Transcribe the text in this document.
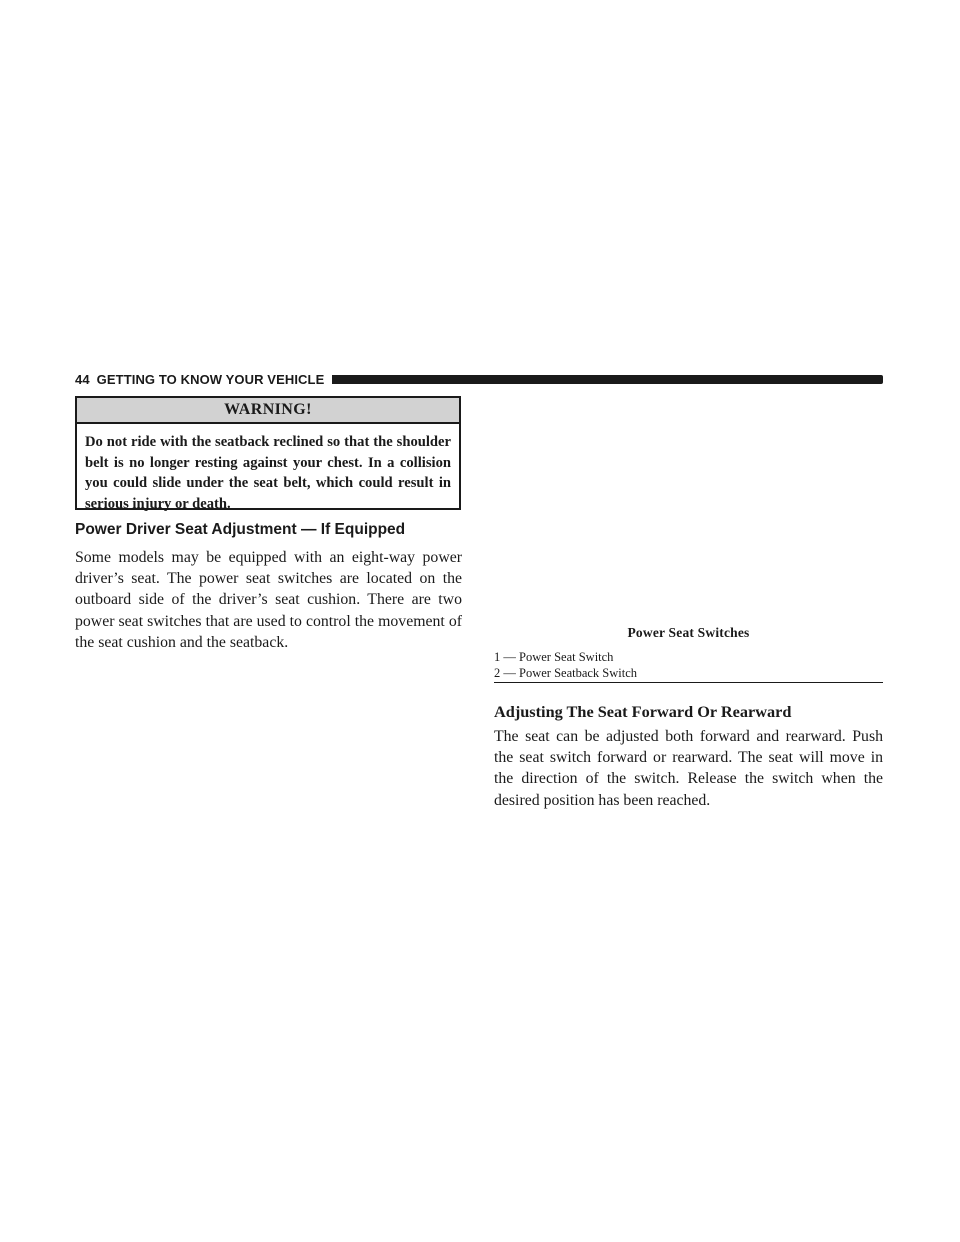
44 GETTING TO KNOW YOUR VEHICLE
WARNING!
Do not ride with the seatback reclined so that the shoulder belt is no longer resting against your chest. In a collision you could slide under the seat belt, which could result in serious injury or death.
Power Driver Seat Adjustment — If Equipped

Some models may be equipped with an eight-way power driver’s seat. The power seat switches are located on the outboard side of the driver’s seat cushion. There are two power seat switches that are used to control the movement of the seat cushion and the seatback.

Power Seat Switches
1 — Power Seat Switch
2 — Power Seatback Switch
Adjusting The Seat Forward Or Rearward

The seat can be adjusted both forward and rearward. Push the seat switch forward or rearward. The seat will move in the direction of the switch. Release the switch when the desired position has been reached.
